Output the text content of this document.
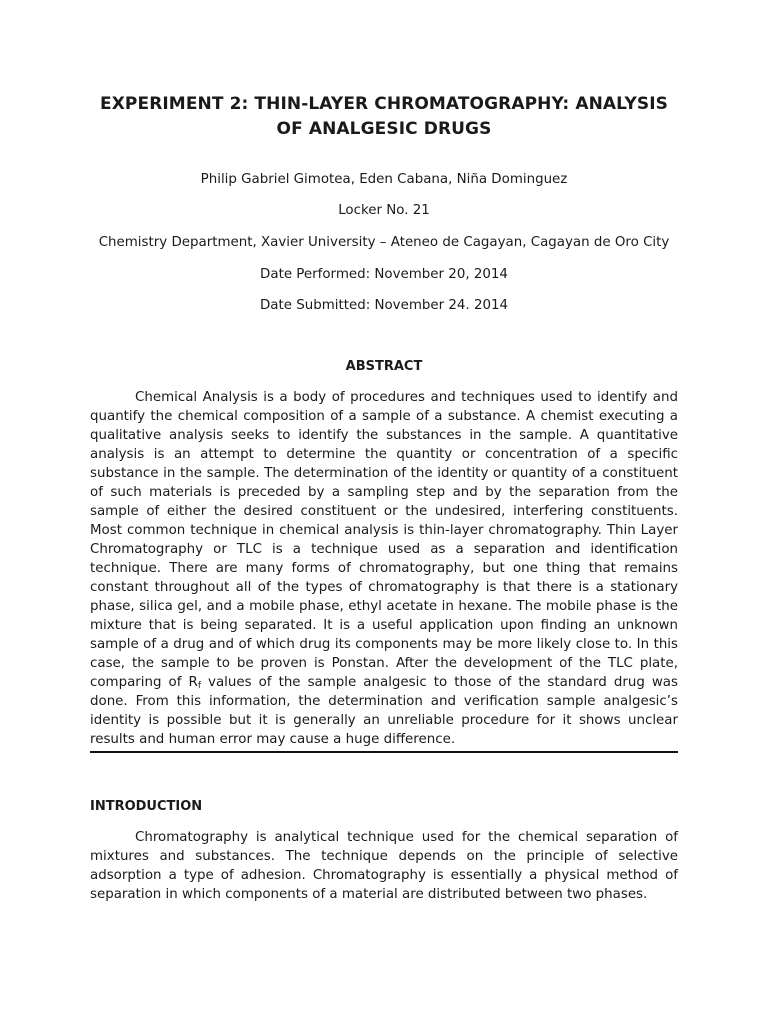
EXPERIMENT 2: THIN-LAYER CHROMATOGRAPHY: ANALYSIS OF ANALGESIC DRUGS

Philip Gabriel Gimotea, Eden Cabana, Niña Dominguez

Locker No. 21

Chemistry Department, Xavier University – Ateneo de Cagayan, Cagayan de Oro City

Date Performed: November 20, 2014

Date Submitted: November 24. 2014

ABSTRACT

Chemical Analysis is a body of procedures and techniques used to identify and quantify the chemical composition of a sample of a substance. A chemist executing a qualitative analysis seeks to identify the substances in the sample. A quantitative analysis is an attempt to determine the quantity or concentration of a specific substance in the sample. The determination of the identity or quantity of a constituent of such materials is preceded by a sampling step and by the separation from the sample of either the desired constituent or the undesired, interfering constituents. Most common technique in chemical analysis is thin-layer chromatography. Thin Layer Chromatography or TLC is a technique used as a separation and identification technique. There are many forms of chromatography, but one thing that remains constant throughout all of the types of chromatography is that there is a stationary phase, silica gel, and a mobile phase, ethyl acetate in hexane. The mobile phase is the mixture that is being separated. It is a useful application upon finding an unknown sample of a drug and of which drug its components may be more likely close to. In this case, the sample to be proven is Ponstan. After the development of the TLC plate, comparing of $R_f$ values of the sample analgesic to those of the standard drug was done. From this information, the determination and verification sample analgesic’s identity is possible but it is generally an unreliable procedure for it shows unclear results and human error may cause a huge difference.

INTRODUCTION

Chromatography is analytical technique used for the chemical separation of mixtures and substances. The technique depends on the principle of selective adsorption a type of adhesion. Chromatography is essentially a physical method of separation in which components of a material are distributed between two phases.
